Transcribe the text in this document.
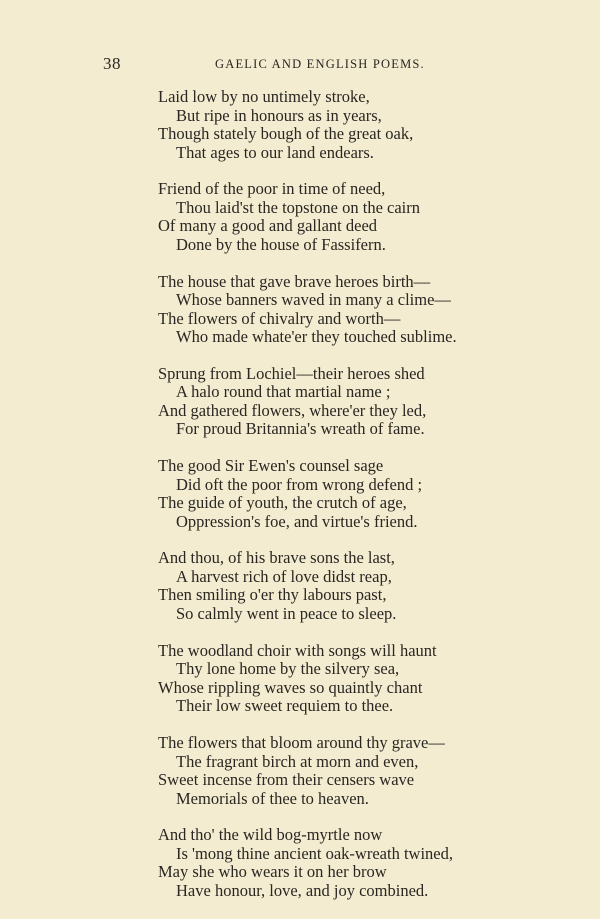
38	GAELIC AND ENGLISH POEMS.
Laid low by no untimely stroke,
But ripe in honours as in years,
Though stately bough of the great oak,
That ages to our land endears.
Friend of the poor in time of need,
Thou laid'st the topstone on the cairn
Of many a good and gallant deed
Done by the house of Fassifern.
The house that gave brave heroes birth—
Whose banners waved in many a clime—
The flowers of chivalry and worth—
Who made whate'er they touched sublime.
Sprung from Lochiel—their heroes shed
A halo round that martial name ;
And gathered flowers, where'er they led,
For proud Britannia's wreath of fame.
The good Sir Ewen's counsel sage
Did oft the poor from wrong defend ;
The guide of youth, the crutch of age,
Oppression's foe, and virtue's friend.
And thou, of his brave sons the last,
A harvest rich of love didst reap,
Then smiling o'er thy labours past,
So calmly went in peace to sleep.
The woodland choir with songs will haunt
Thy lone home by the silvery sea,
Whose rippling waves so quaintly chant
Their low sweet requiem to thee.
The flowers that bloom around thy grave—
The fragrant birch at morn and even,
Sweet incense from their censers wave
Memorials of thee to heaven.
And tho' the wild bog-myrtle now
Is 'mong thine ancient oak-wreath twined,
May she who wears it on her brow
Have honour, love, and joy combined.
